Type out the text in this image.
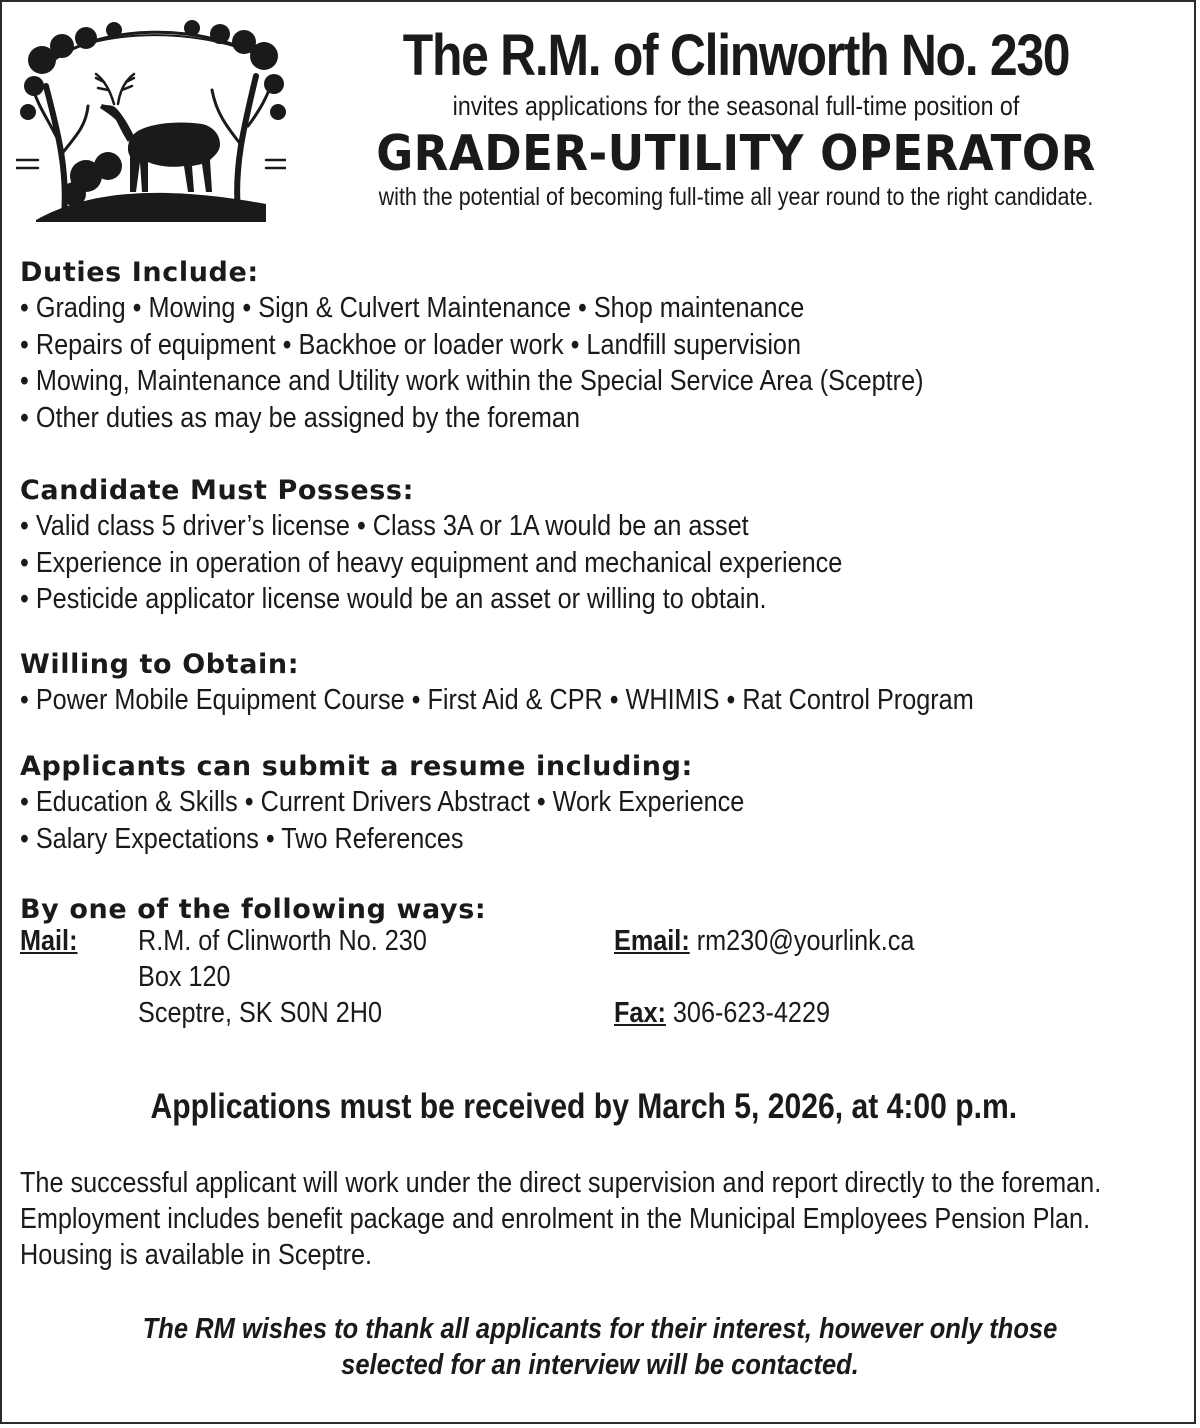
The R.M. of Clinworth No. 230
invites applications for the seasonal full-time position of
GRADER-UTILITY OPERATOR
with the potential of becoming full-time all year round to the right candidate.
Duties Include:
• Grading • Mowing • Sign & Culvert Maintenance • Shop maintenance
• Repairs of equipment • Backhoe or loader work • Landfill supervision
• Mowing, Maintenance and Utility work within the Special Service Area (Sceptre)
• Other duties as may be assigned by the foreman
Candidate Must Possess:
• Valid class 5 driver’s license • Class 3A or 1A would be an asset
• Experience in operation of heavy equipment and mechanical experience
• Pesticide applicator license would be an asset or willing to obtain.
Willing to Obtain:
• Power Mobile Equipment Course • First Aid & CPR • WHIMIS • Rat Control Program
Applicants can submit a resume including:
• Education & Skills • Current Drivers Abstract • Work Experience
• Salary Expectations • Two References
By one of the following ways:
Mail: R.M. of Clinworth No. 230
Box 120
Sceptre, SK S0N 2H0
Email: rm230@yourlink.ca
Fax: 306-623-4229
Applications must be received by March 5, 2026, at 4:00 p.m.
The successful applicant will work under the direct supervision and report directly to the foreman.
Employment includes benefit package and enrolment in the Municipal Employees Pension Plan.
Housing is available in Sceptre.
The RM wishes to thank all applicants for their interest, however only those
selected for an interview will be contacted.
